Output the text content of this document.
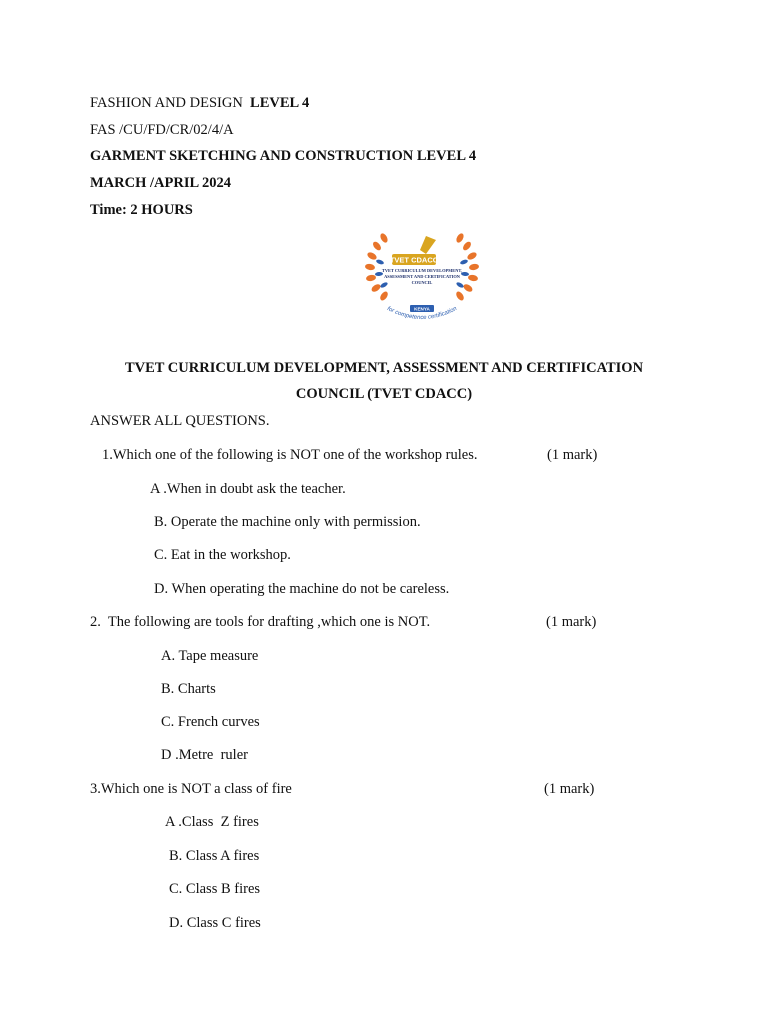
FASHION AND DESIGN  LEVEL 4
FAS /CU/FD/CR/02/4/A
GARMENT SKETCHING AND CONSTRUCTION LEVEL 4
MARCH /APRIL 2024
Time: 2 HOURS
TVET CDACC
TVET CURRICULUM DEVELOPMENT,
ASSESSMENT AND CERTIFICATION
COUNCIL
KENYA
for competence certification
TVET CURRICULUM DEVELOPMENT, ASSESSMENT AND CERTIFICATION
COUNCIL (TVET CDACC)
ANSWER ALL QUESTIONS.
1.Which one of the following is NOT one of the workshop rules.	(1 mark)
A .When in doubt ask the teacher.
B. Operate the machine only with permission.
C. Eat in the workshop.
D. When operating the machine do not be careless.
2.  The following are tools for drafting ,which one is NOT.	(1 mark)
A. Tape measure
B. Charts
C. French curves
D .Metre  ruler
3.Which one is NOT a class of fire	(1 mark)
A .Class  Z fires
B. Class A fires
C. Class B fires
D. Class C fires
